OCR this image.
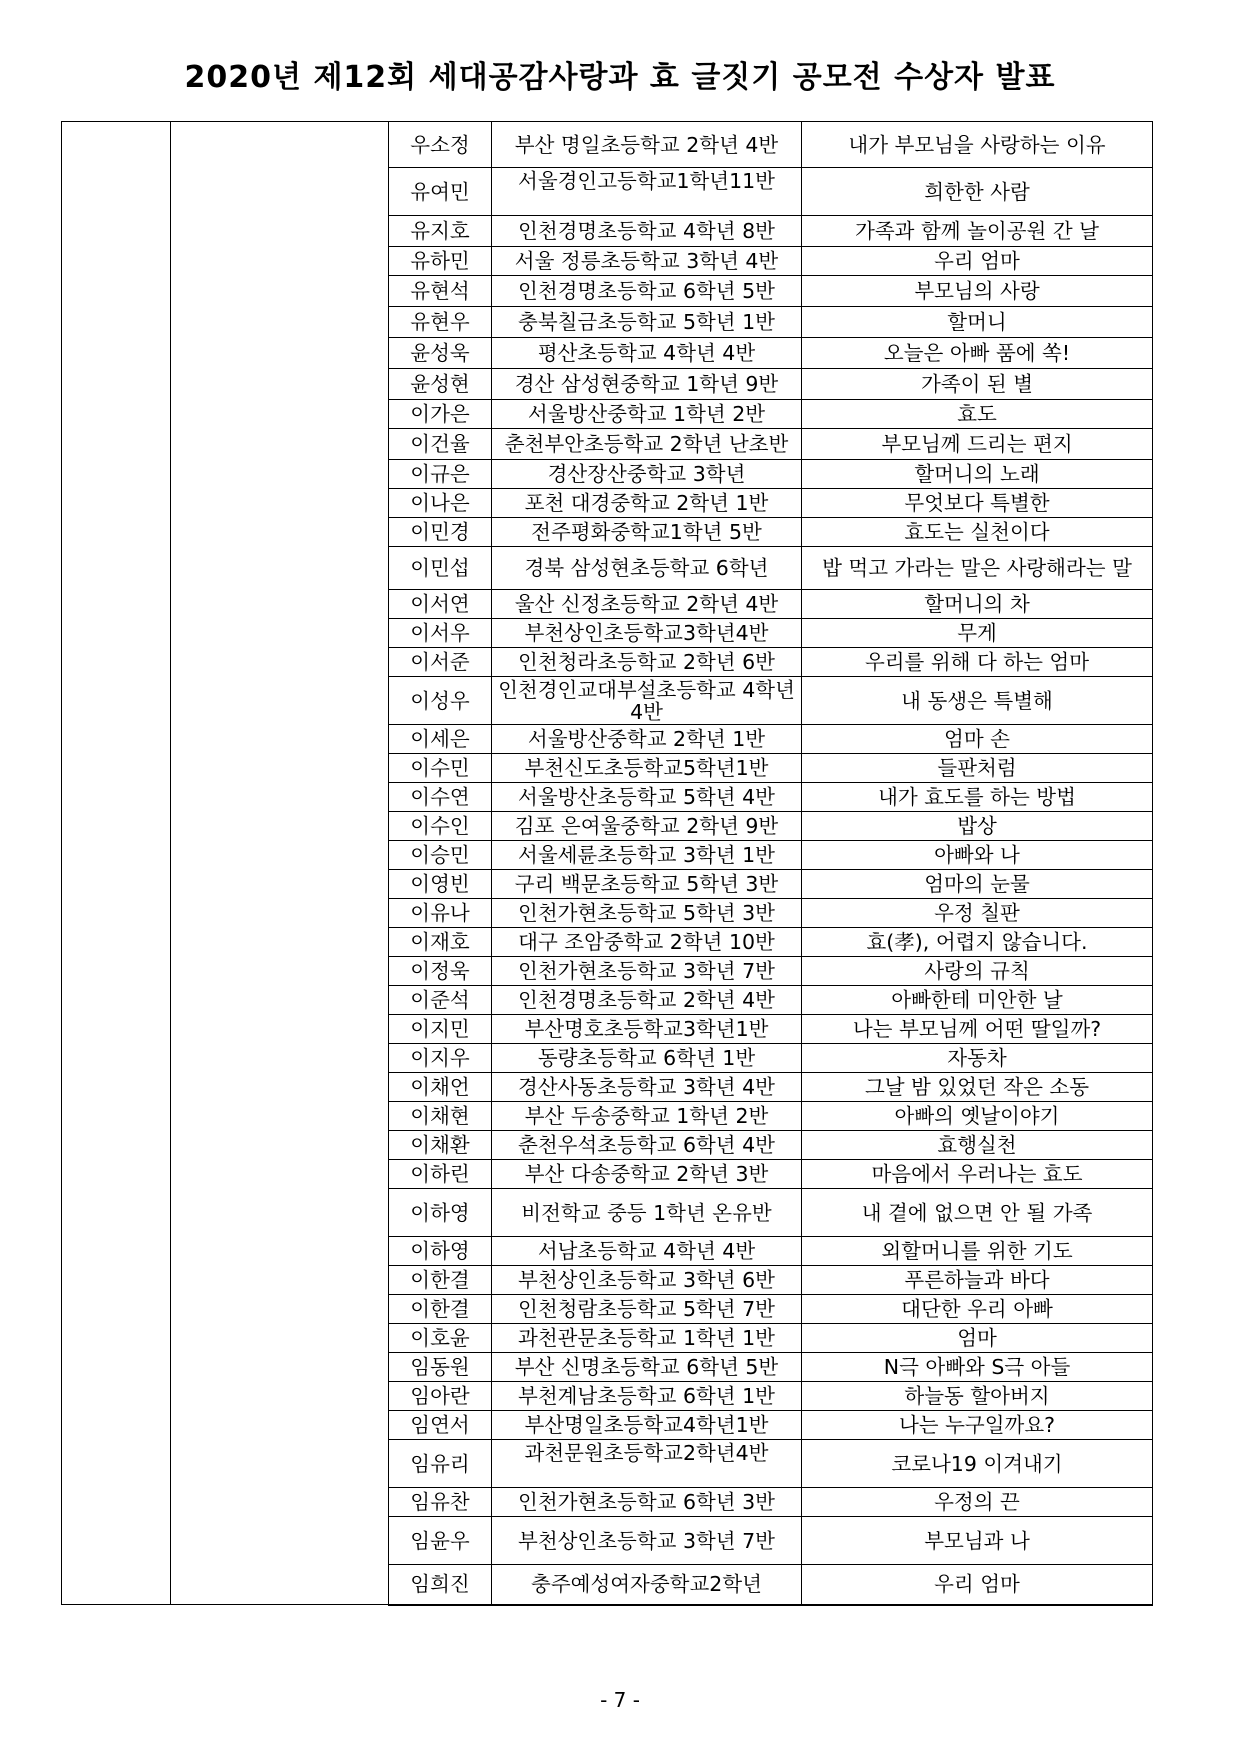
2020년 제12회 세대공감사랑과 효 글짓기 공모전 수상자 발표
		우소정	부산 명일초등학교 2학년 4반	내가 부모님을 사랑하는 이유
		유여민	서울경인고등학교1학년11반	희한한 사람
		유지호	인천경명초등학교 4학년 8반	가족과 함께 놀이공원 간 날
		유하민	서울 정릉초등학교 3학년 4반	우리 엄마
		유현석	인천경명초등학교 6학년 5반	부모님의 사랑
		유현우	충북칠금초등학교 5학년 1반	할머니
		윤성욱	평산초등학교 4학년 4반	오늘은 아빠 품에 쏙!
		윤성현	경산 삼성현중학교 1학년 9반	가족이 된 별
		이가은	서울방산중학교 1학년 2반	효도
		이건율	춘천부안초등학교 2학년 난초반	부모님께 드리는 편지
		이규은	경산장산중학교 3학년	할머니의 노래
		이나은	포천 대경중학교 2학년 1반	무엇보다 특별한
		이민경	전주평화중학교1학년 5반	효도는 실천이다
		이민섭	경북 삼성현초등학교 6학년	밥 먹고 가라는 말은 사랑해라는 말
		이서연	울산 신정초등학교 2학년 4반	할머니의 차
		이서우	부천상인초등학교3학년4반	무게
		이서준	인천청라초등학교 2학년 6반	우리를 위해 다 하는 엄마
		이성우	인천경인교대부설초등학교 4학년 4반	내 동생은 특별해
		이세은	서울방산중학교 2학년 1반	엄마 손
		이수민	부천신도초등학교5학년1반	들판처럼
		이수연	서울방산초등학교 5학년 4반	내가 효도를 하는 방법
		이수인	김포 은여울중학교 2학년 9반	밥상
		이승민	서울세륜초등학교 3학년 1반	아빠와 나
		이영빈	구리 백문초등학교 5학년 3반	엄마의 눈물
		이유나	인천가현초등학교 5학년 3반	우정 칠판
		이재호	대구 조암중학교 2학년 10반	효(孝), 어렵지 않습니다.
		이정욱	인천가현초등학교 3학년 7반	사랑의 규칙
		이준석	인천경명초등학교 2학년 4반	아빠한테 미안한 날
		이지민	부산명호초등학교3학년1반	나는 부모님께 어떤 딸일까?
		이지우	동량초등학교 6학년 1반	자동차
		이채언	경산사동초등학교 3학년 4반	그날 밤 있었던 작은 소동
		이채현	부산 두송중학교 1학년 2반	아빠의 옛날이야기
		이채환	춘천우석초등학교 6학년 4반	효행실천
		이하린	부산 다송중학교 2학년 3반	마음에서 우러나는 효도
		이하영	비전학교 중등 1학년 온유반	내 곁에 없으면 안 될 가족
		이하영	서남초등학교 4학년 4반	외할머니를 위한 기도
		이한결	부천상인초등학교 3학년 6반	푸른하늘과 바다
		이한결	인천청람초등학교 5학년 7반	대단한 우리 아빠
		이호윤	과천관문초등학교 1학년 1반	엄마
		임동원	부산 신명초등학교 6학년 5반	N극 아빠와 S극 아들
		임아란	부천계남초등학교 6학년 1반	하늘동 할아버지
		임연서	부산명일초등학교4학년1반	나는 누구일까요?
		임유리	과천문원초등학교2학년4반	코로나19 이겨내기
		임유찬	인천가현초등학교 6학년 3반	우정의 끈
		임윤우	부천상인초등학교 3학년 7반	부모님과 나
		임희진	충주예성여자중학교2학년	우리 엄마
- 7 -
